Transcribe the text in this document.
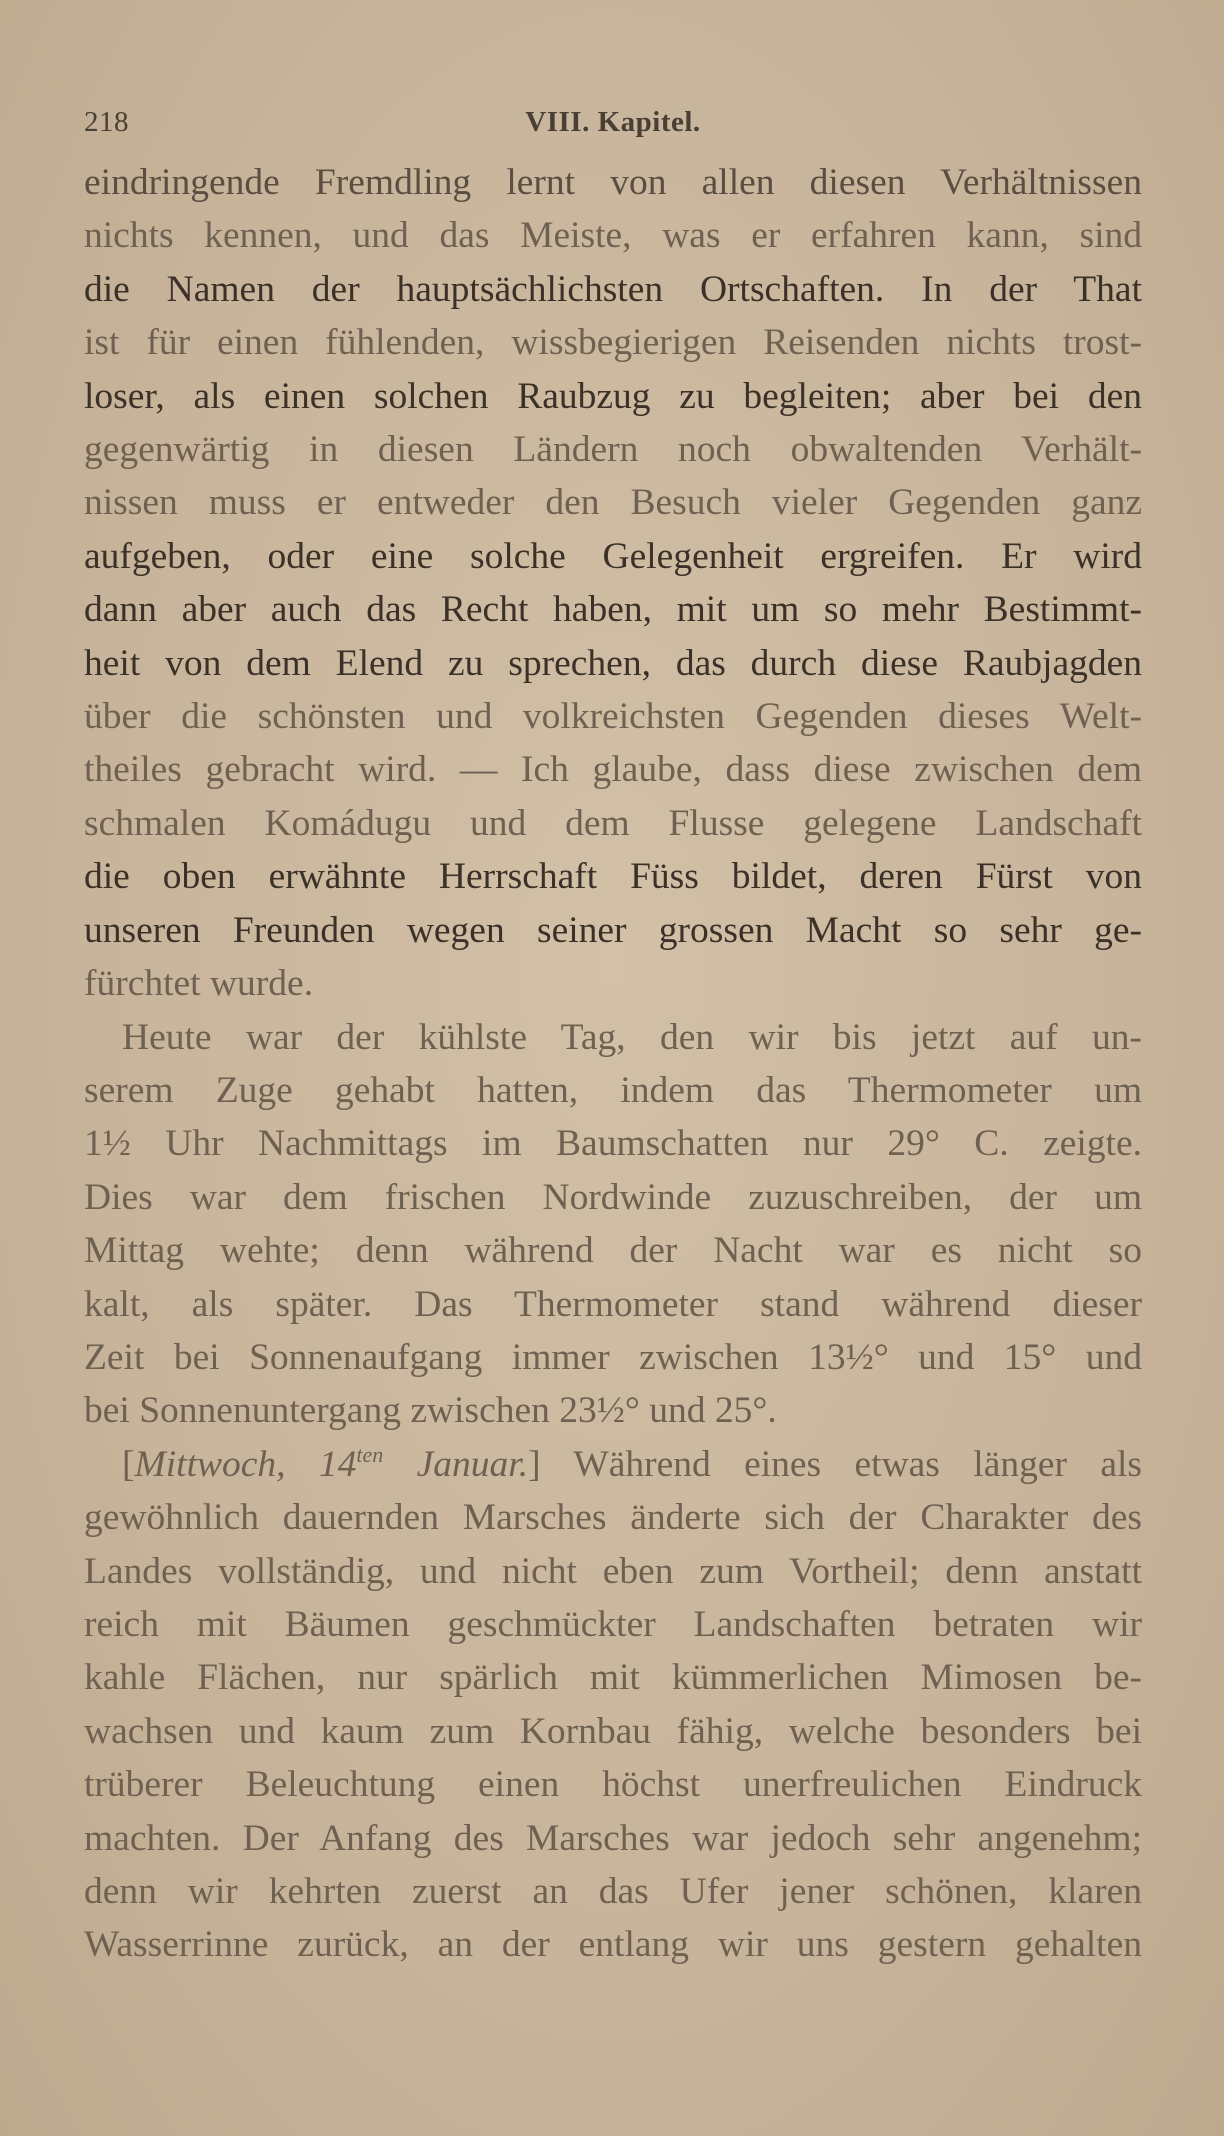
218	VIII. Kapitel.

eindringende Fremdling lernt von allen diesen Verhältnissen
nichts kennen, und das Meiste, was er erfahren kann, sind
die Namen der hauptsächlichsten Ortschaften. In der That
ist für einen fühlenden, wissbegierigen Reisenden nichts trost-
loser, als einen solchen Raubzug zu begleiten; aber bei den
gegenwärtig in diesen Ländern noch obwaltenden Verhält-
nissen muss er entweder den Besuch vieler Gegenden ganz
aufgeben, oder eine solche Gelegenheit ergreifen. Er wird
dann aber auch das Recht haben, mit um so mehr Bestimmt-
heit von dem Elend zu sprechen, das durch diese Raubjagden
über die schönsten und volkreichsten Gegenden dieses Welt-
theiles gebracht wird. — Ich glaube, dass diese zwischen dem
schmalen Komádugu und dem Flusse gelegene Landschaft
die oben erwähnte Herrschaft Füss bildet, deren Fürst von
unseren Freunden wegen seiner grossen Macht so sehr ge-
fürchtet wurde.

Heute war der kühlste Tag, den wir bis jetzt auf un-
serem Zuge gehabt hatten, indem das Thermometer um
1½ Uhr Nachmittags im Baumschatten nur 29° C. zeigte.
Dies war dem frischen Nordwinde zuzuschreiben, der um
Mittag wehte; denn während der Nacht war es nicht so
kalt, als später. Das Thermometer stand während dieser
Zeit bei Sonnenaufgang immer zwischen 13½° und 15° und
bei Sonnenuntergang zwischen 23½° und 25°.

[Mittwoch, $14^{ten}$ Januar.] Während eines etwas länger als
gewöhnlich dauernden Marsches änderte sich der Charakter des
Landes vollständig, und nicht eben zum Vortheil; denn anstatt
reich mit Bäumen geschmückter Landschaften betraten wir
kahle Flächen, nur spärlich mit kümmerlichen Mimosen be-
wachsen und kaum zum Kornbau fähig, welche besonders bei
trüberer Beleuchtung einen höchst unerfreulichen Eindruck
machten. Der Anfang des Marsches war jedoch sehr angenehm;
denn wir kehrten zuerst an das Ufer jener schönen, klaren
Wasserrinne zurück, an der entlang wir uns gestern gehalten
